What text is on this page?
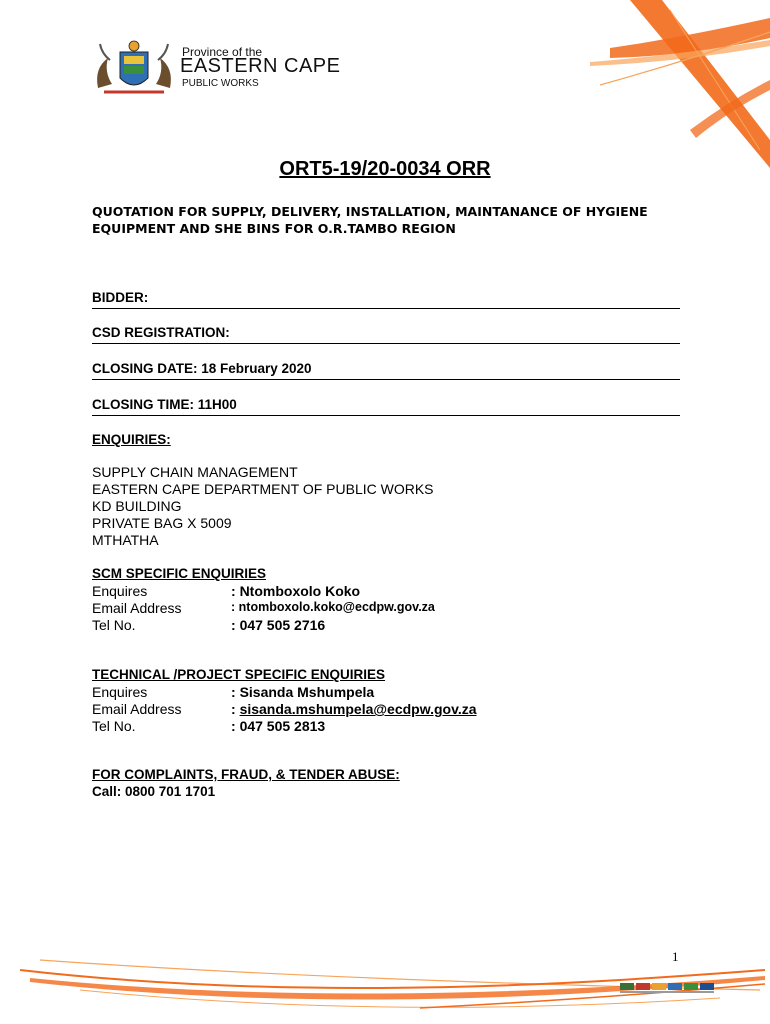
Province of the
EASTERN CAPE
PUBLIC WORKS
ORT5-19/20-0034 ORR
QUOTATION FOR SUPPLY, DELIVERY, INSTALLATION, MAINTANANCE OF HYGIENE EQUIPMENT AND SHE BINS FOR O.R.TAMBO REGION
BIDDER:
CSD REGISTRATION:
CLOSING DATE: 18 February 2020
CLOSING TIME: 11H00
ENQUIRIES:
SUPPLY CHAIN MANAGEMENT
EASTERN CAPE DEPARTMENT OF PUBLIC WORKS
KD BUILDING
PRIVATE BAG X 5009
MTHATHA
SCM SPECIFIC ENQUIRIES
Enquires	: Ntomboxolo Koko
Email Address	: ntomboxolo.koko@ecdpw.gov.za
Tel No.	: 047 505 2716
TECHNICAL /PROJECT SPECIFIC ENQUIRIES
Enquires	: Sisanda Mshumpela
Email Address	: sisanda.mshumpela@ecdpw.gov.za
Tel No.	: 047 505 2813
FOR COMPLAINTS, FRAUD, & TENDER ABUSE:
Call: 0800 701 1701
1
